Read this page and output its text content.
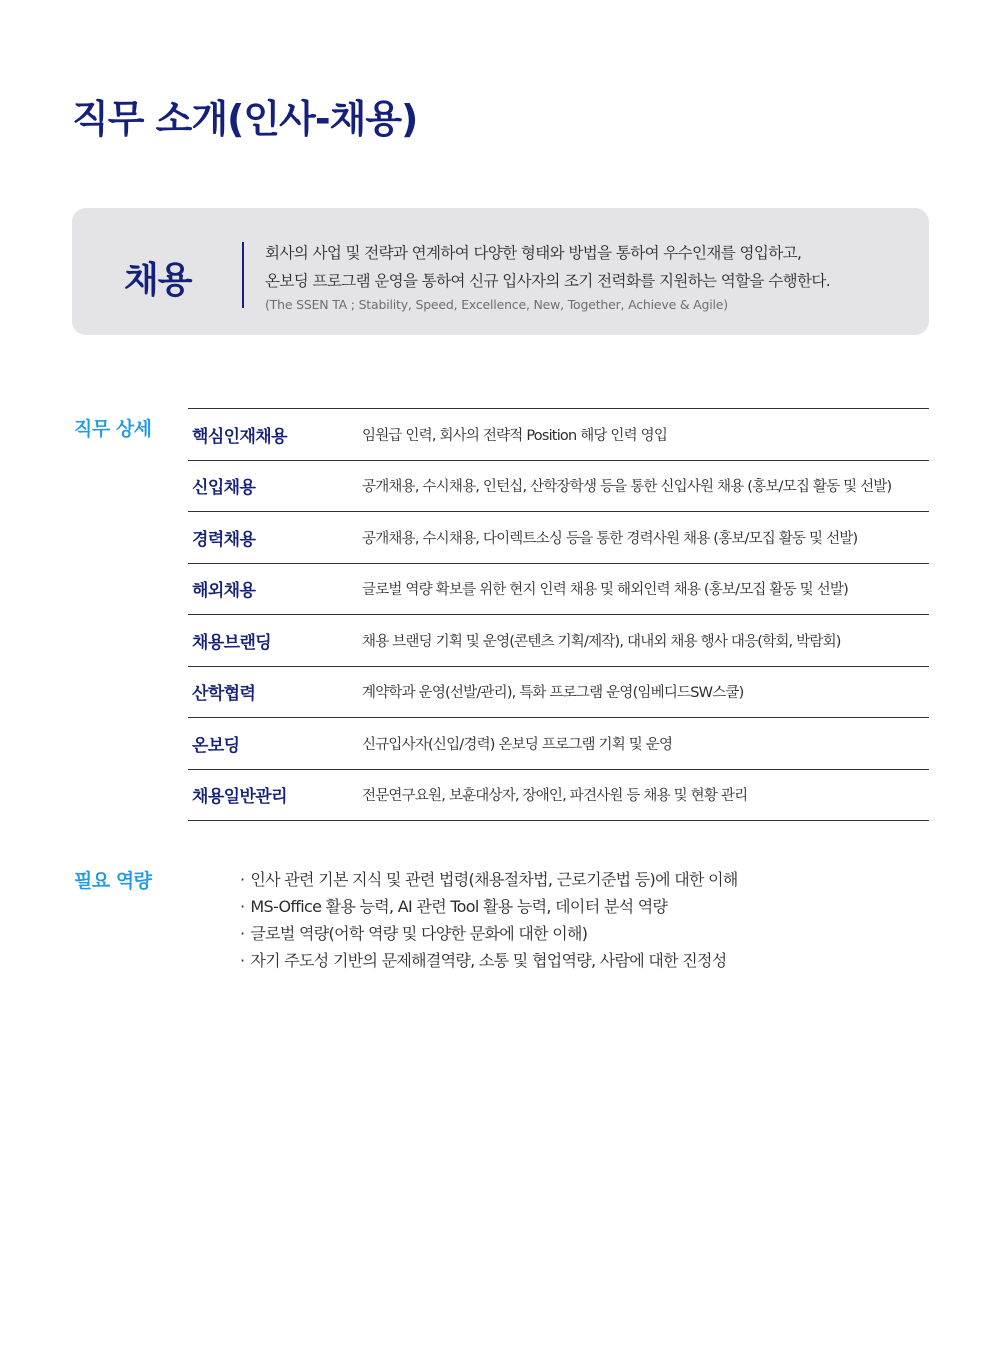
직무 소개(인사-채용)
채용
회사의 사업 및 전략과 연계하여 다양한 형태와 방법을 통하여 우수인재를 영입하고,
온보딩 프로그램 운영을 통하여 신규 입사자의 조기 전력화를 지원하는 역할을 수행한다.
(The SSEN TA ; Stability, Speed, Excellence, New, Together, Achieve & Agile)
직무 상세 핵심인재채용	임원급 인력, 회사의 전략적 Position 해당 인력 영입
신입채용	공개채용, 수시채용, 인턴십, 산학장학생 등을 통한 신입사원 채용 (홍보/모집 활동 및 선발)
경력채용	공개채용, 수시채용, 다이렉트소싱 등을 통한 경력사원 채용 (홍보/모집 활동 및 선발)
해외채용	글로벌 역량 확보를 위한 현지 인력 채용 및 해외인력 채용 (홍보/모집 활동 및 선발)
채용브랜딩	채용 브랜딩 기획 및 운영(콘텐츠 기획/제작), 대내외 채용 행사 대응(학회, 박람회)
산학협력	계약학과 운영(선발/관리), 특화 프로그램 운영(임베디드SW스쿨)
온보딩	신규입사자(신입/경력) 온보딩 프로그램 기획 및 운영
채용일반관리	전문연구요원, 보훈대상자, 장애인, 파견사원 등 채용 및 현황 관리
필요 역량	· 인사 관련 기본 지식 및 관련 법령(채용절차법, 근로기준법 등)에 대한 이해
· MS-Office 활용 능력, AI 관련 Tool 활용 능력, 데이터 분석 역량
· 글로벌 역량(어학 역량 및 다양한 문화에 대한 이해)
· 자기 주도성 기반의 문제해결역량, 소통 및 협업역량, 사람에 대한 진정성
